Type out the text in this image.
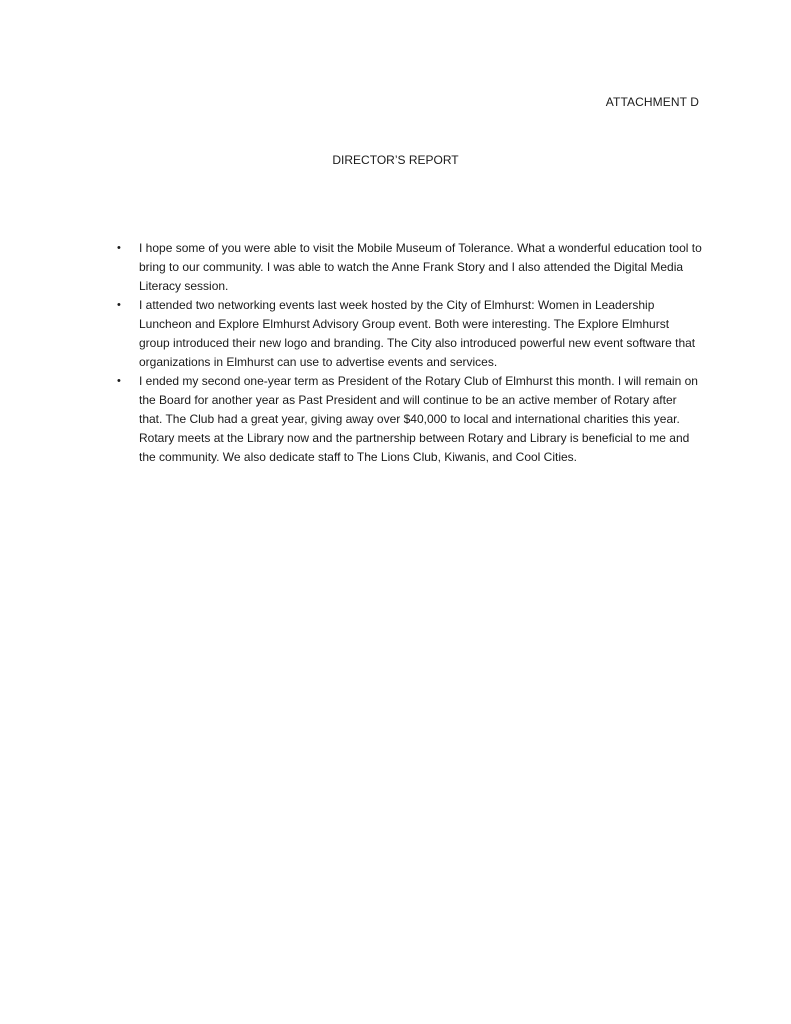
ATTACHMENT D
DIRECTOR’S REPORT
• I hope some of you were able to visit the Mobile Museum of Tolerance. What a wonderful education tool to bring to our community. I was able to watch the Anne Frank Story and I also attended the Digital Media Literacy session.
• I attended two networking events last week hosted by the City of Elmhurst: Women in Leadership Luncheon and Explore Elmhurst Advisory Group event. Both were interesting. The Explore Elmhurst group introduced their new logo and branding. The City also introduced powerful new event software that organizations in Elmhurst can use to advertise events and services.
• I ended my second one-year term as President of the Rotary Club of Elmhurst this month. I will remain on the Board for another year as Past President and will continue to be an active member of Rotary after that. The Club had a great year, giving away over $40,000 to local and international charities this year. Rotary meets at the Library now and the partnership between Rotary and Library is beneficial to me and the community. We also dedicate staff to The Lions Club, Kiwanis, and Cool Cities.
